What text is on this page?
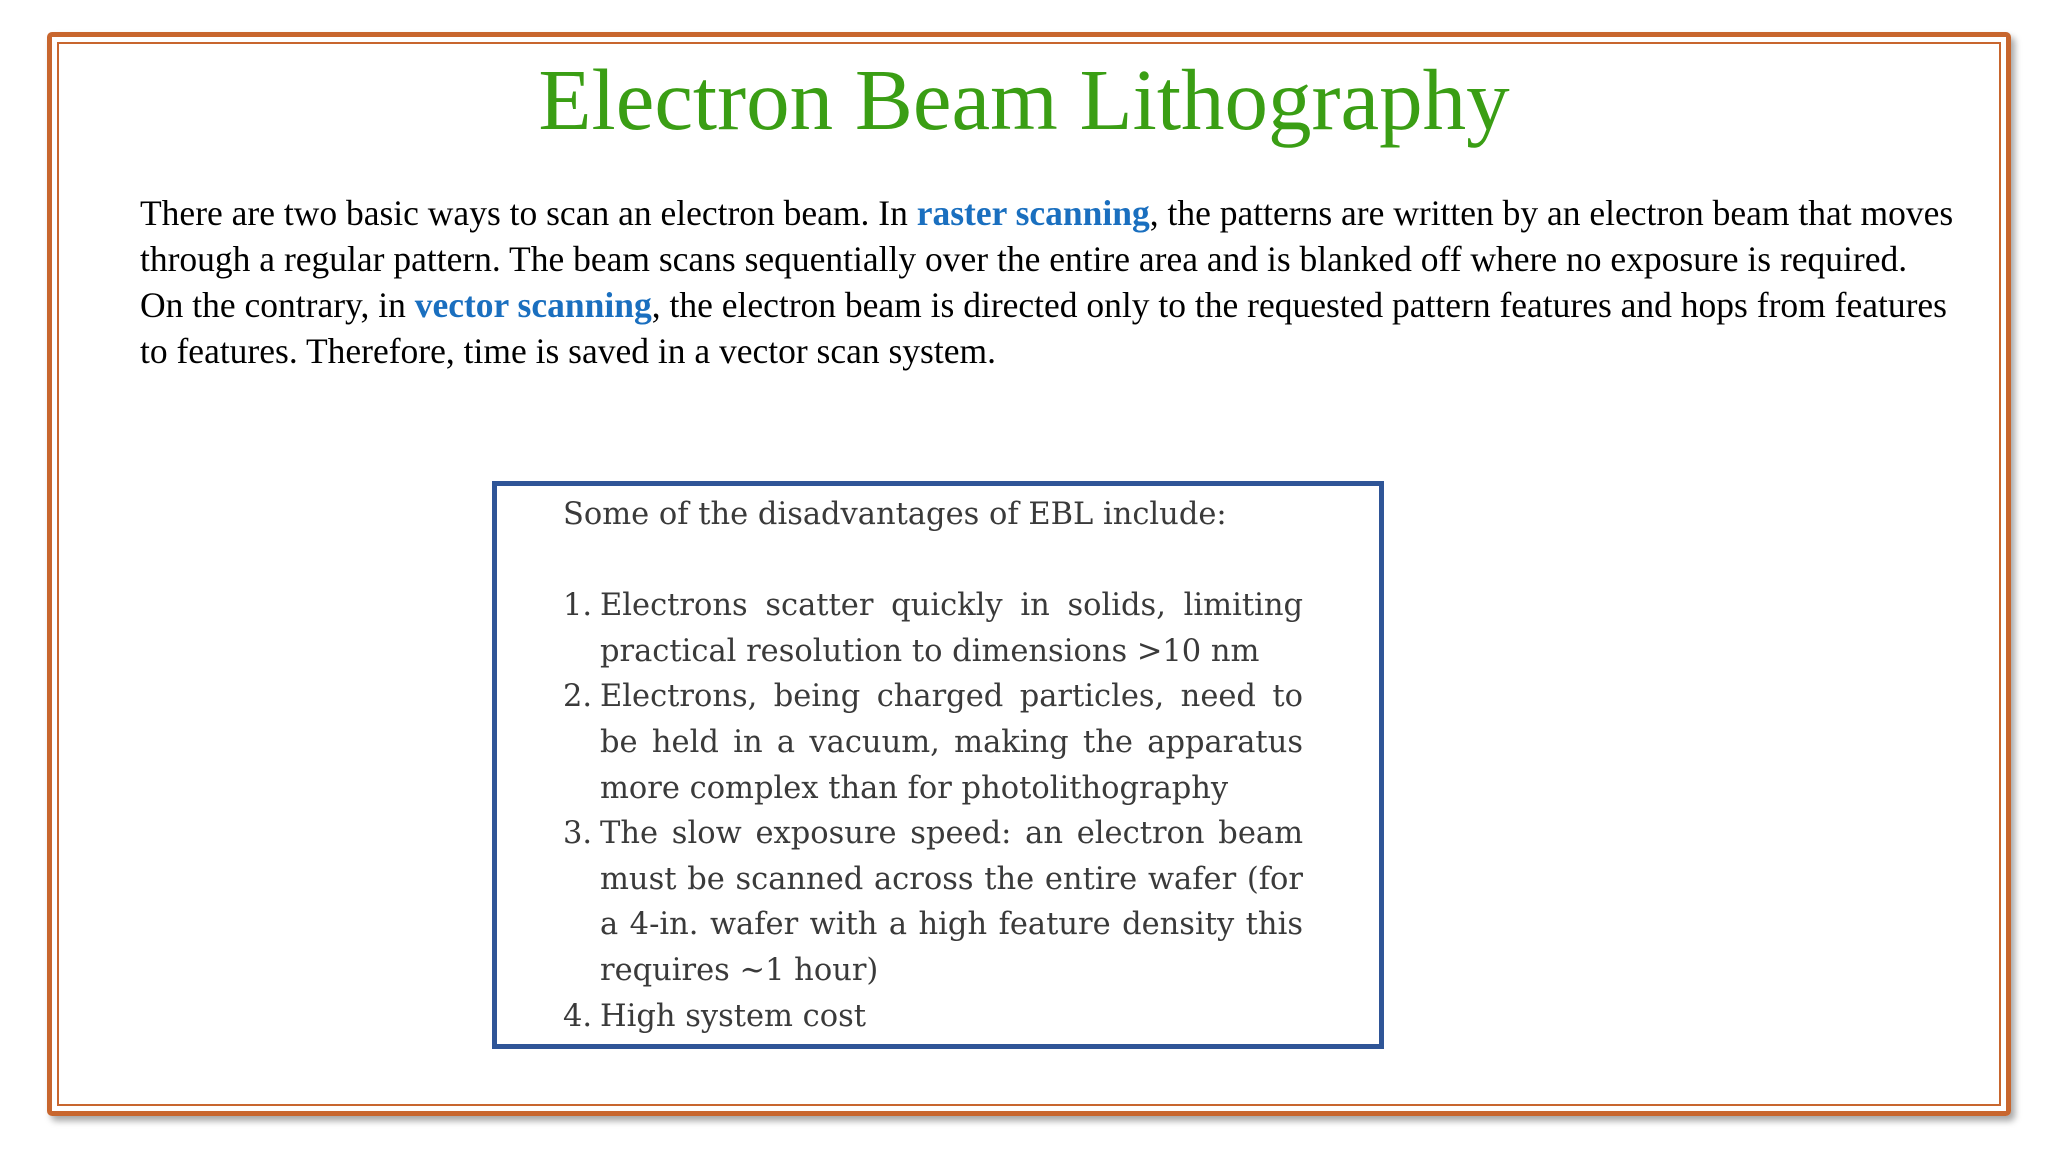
Electron Beam Lithography

There are two basic ways to scan an electron beam. In raster scanning, the patterns are written by an electron beam that moves through a regular pattern. The beam scans sequentially over the entire area and is blanked off where no exposure is required.

On the contrary, in vector scanning, the electron beam is directed only to the requested pattern features and hops from features to features. Therefore, time is saved in a vector scan system.

Some of the disadvantages of EBL include:

1. Electrons scatter quickly in solids, limiting practical resolution to dimensions >10 nm
2. Electrons, being charged particles, need to be held in a vacuum, making the apparatus more complex than for photolithography
3. The slow exposure speed: an electron beam must be scanned across the entire wafer (for a 4-in. wafer with a high feature density this requires ~1 hour)
4. High system cost
